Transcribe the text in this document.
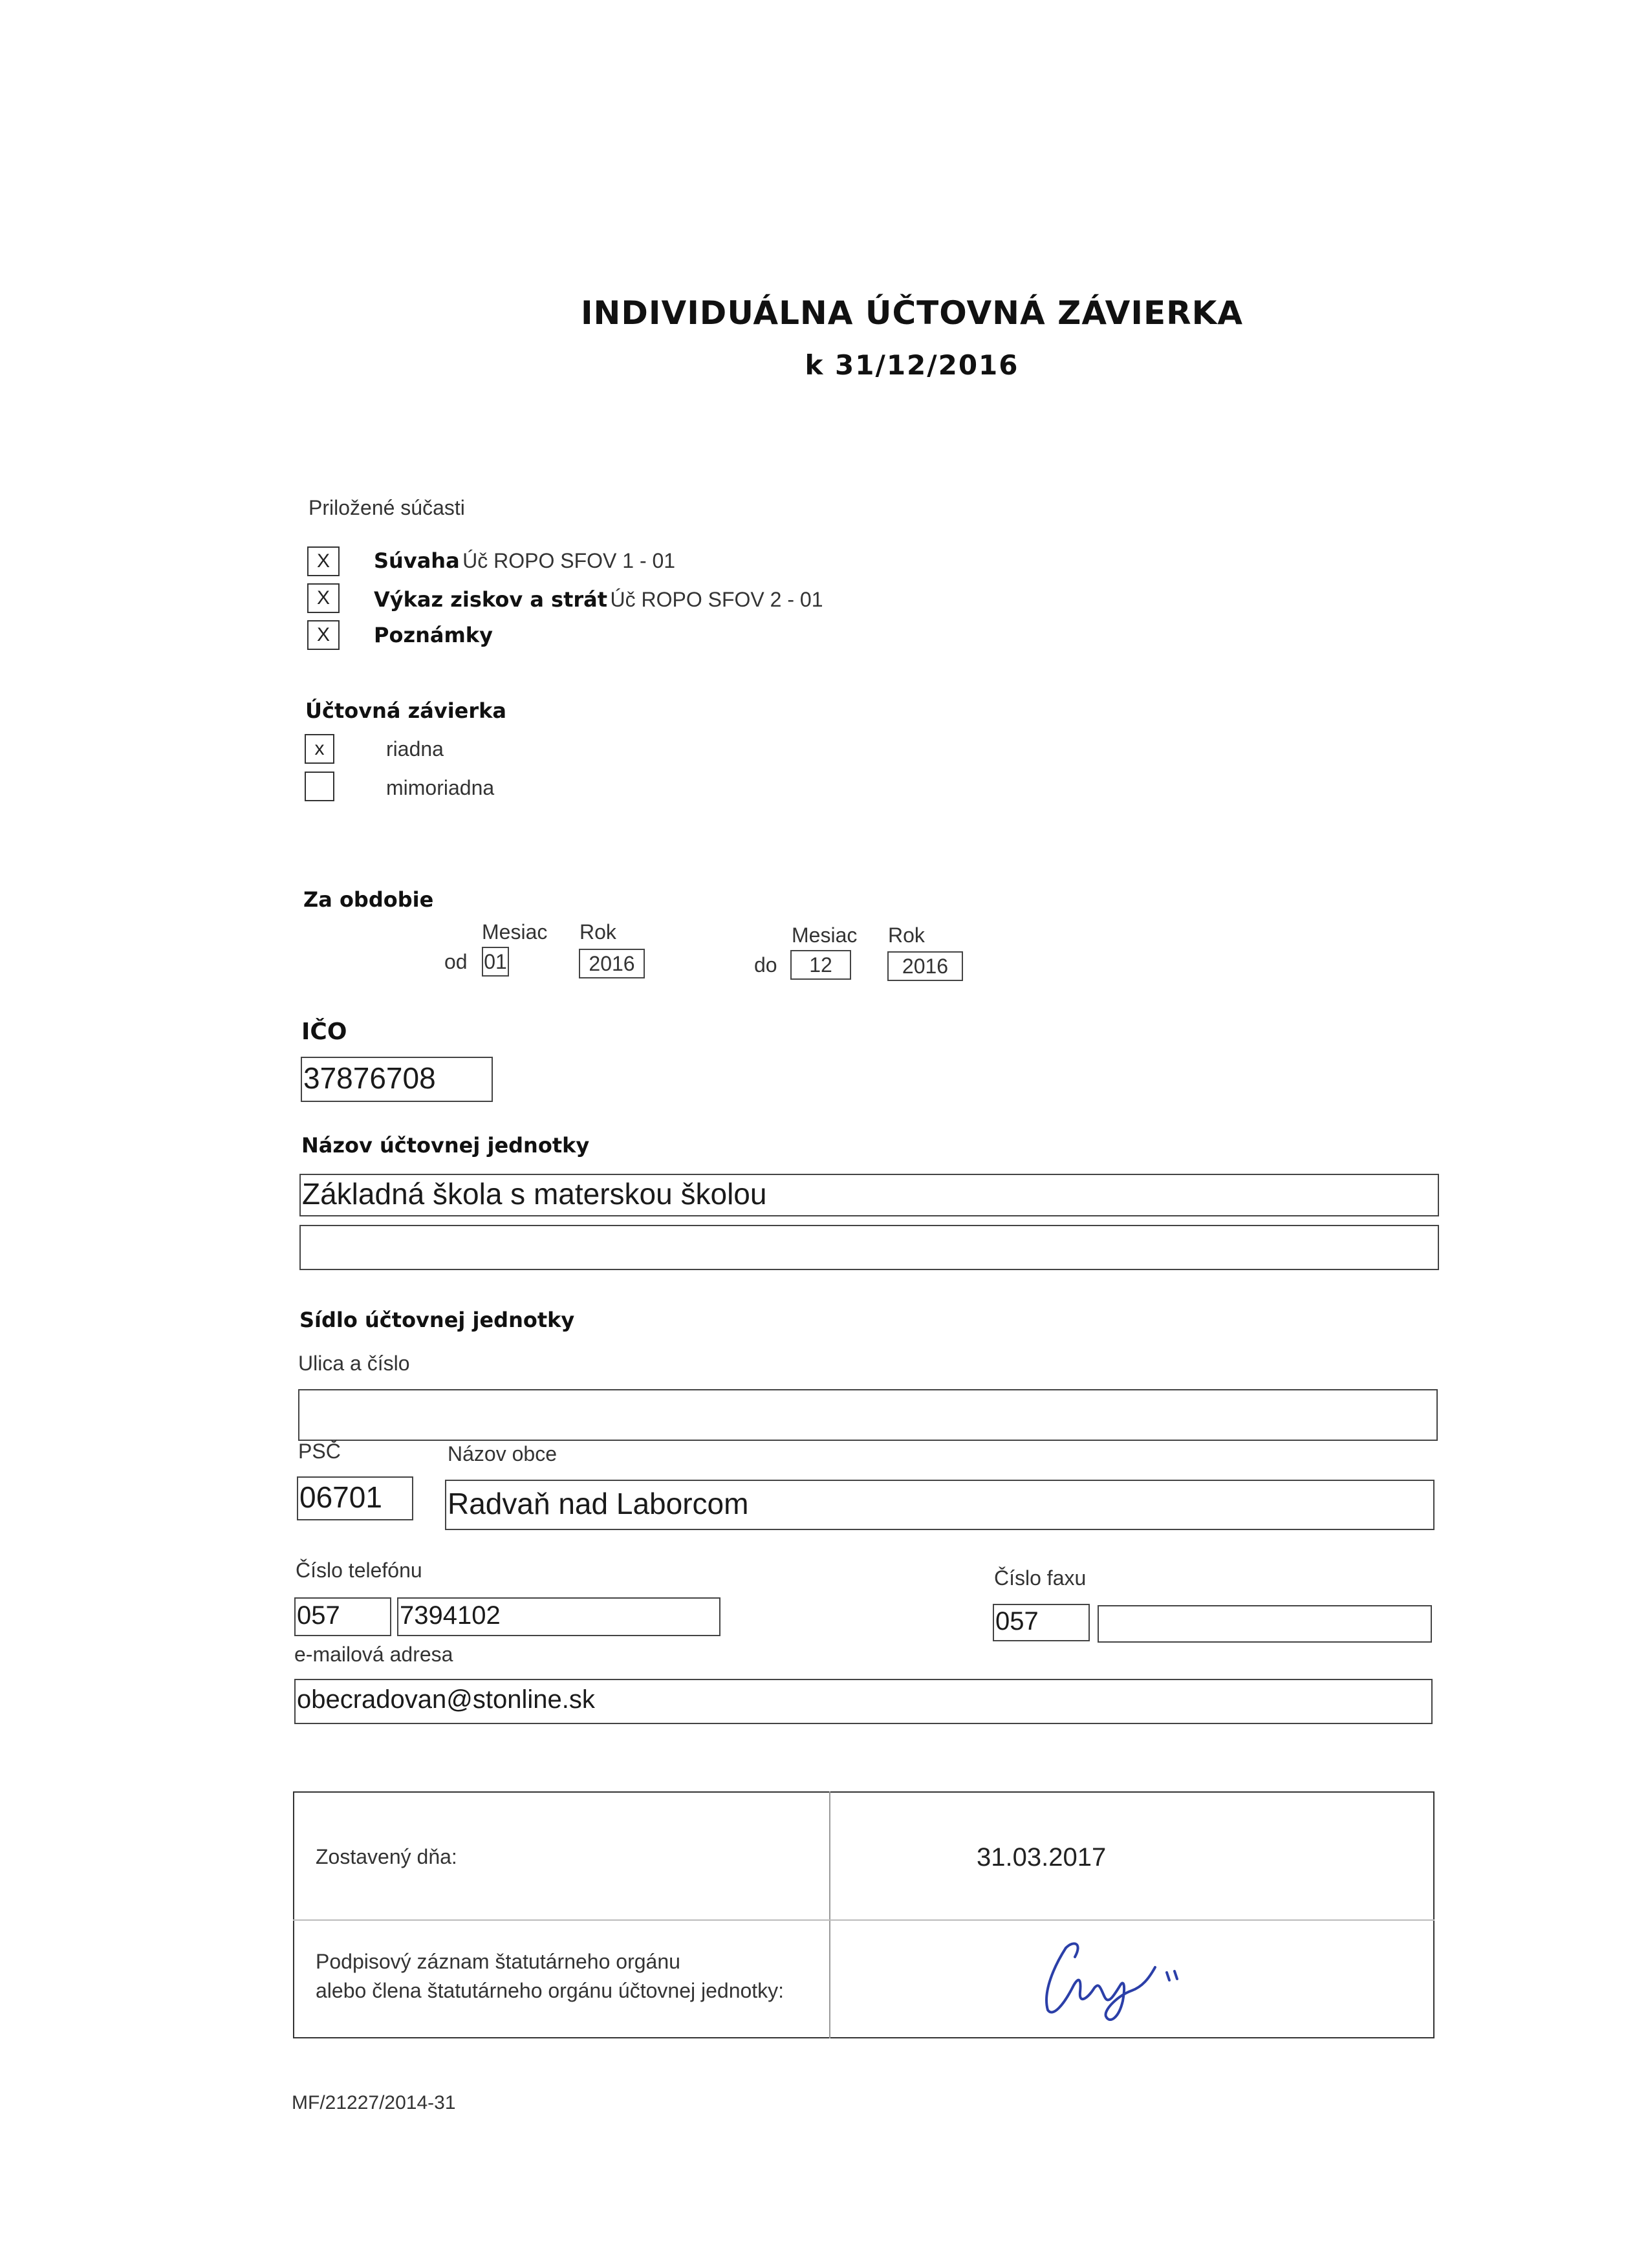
INDIVIDUÁLNA ÚČTOVNÁ ZÁVIERKA
k 31/12/2016
Priložené súčasti
X	Súvaha Úč ROPO SFOV 1 - 01
X	Výkaz ziskov a strát Úč ROPO SFOV 2 - 01
X	Poznámky
Účtovná závierka
x	riadna
mimoriadna
Za obdobie
Mesiac Rok
od 01	2016
Mesiac Rok
do	12	2016
IČO
37876708
Názov účtovnej jednotky
Základná škola s materskou školou
Sídlo účtovnej jednotky
Ulica a číslo
PSČ	Názov obce
06701	Radvaň nad Laborcom
Číslo telefónu	Číslo faxu
057	7394102	057
e-mailová adresa
obecradovan@stonline.sk
Zostavený dňa:	31.03.2017
Podpisový záznam štatutárneho orgánu
alebo člena štatutárneho orgánu účtovnej jednotky:
MF/21227/2014-31
